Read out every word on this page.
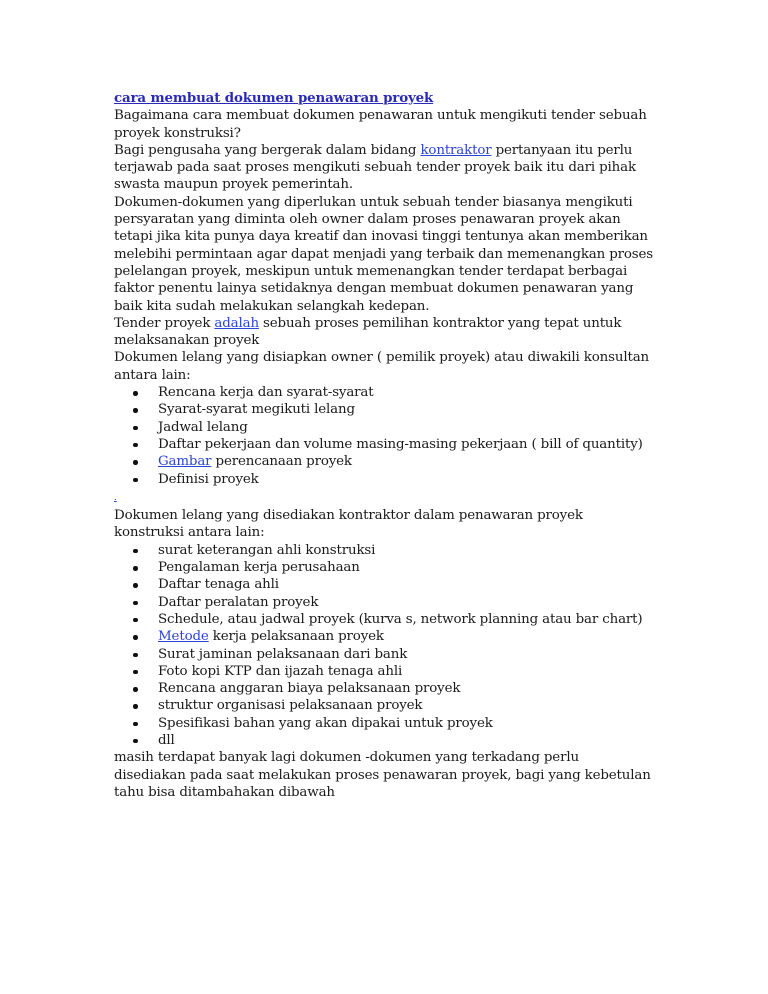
cara membuat dokumen penawaran proyek

Bagaimana cara membuat dokumen penawaran untuk mengikuti tender sebuah proyek konstruksi?

Bagi pengusaha yang bergerak dalam bidang kontraktor pertanyaan itu perlu terjawab pada saat proses mengikuti sebuah tender proyek baik itu dari pihak swasta maupun proyek pemerintah.

Dokumen-dokumen yang diperlukan untuk sebuah tender biasanya mengikuti persyaratan yang diminta oleh owner dalam proses penawaran proyek akan tetapi jika kita punya daya kreatif dan inovasi tinggi tentunya akan memberikan melebihi permintaan agar dapat menjadi yang terbaik dan memenangkan proses pelelangan proyek, meskipun untuk memenangkan tender terdapat berbagai faktor penentu lainya setidaknya dengan membuat dokumen penawaran yang baik kita sudah melakukan selangkah kedepan.

Tender proyek adalah sebuah proses pemilihan kontraktor yang tepat untuk melaksanakan proyek

Dokumen lelang yang disiapkan owner ( pemilik proyek) atau diwakili konsultan antara lain:

Rencana kerja dan syarat-syarat
Syarat-syarat megikuti lelang
Jadwal lelang
Daftar pekerjaan dan volume masing-masing pekerjaan ( bill of quantity)
Gambar perencanaan proyek
Definisi proyek
.

Dokumen lelang yang disediakan kontraktor dalam penawaran proyek konstruksi antara lain:

surat keterangan ahli konstruksi
Pengalaman kerja perusahaan
Daftar tenaga ahli
Daftar peralatan proyek
Schedule, atau jadwal proyek (kurva s, network planning atau bar chart)
Metode kerja pelaksanaan proyek
Surat jaminan pelaksanaan dari bank
Foto kopi KTP dan ijazah tenaga ahli
Rencana anggaran biaya pelaksanaan proyek
struktur organisasi pelaksanaan proyek
Spesifikasi bahan yang akan dipakai untuk proyek
dll

masih terdapat banyak lagi dokumen -dokumen yang terkadang perlu disediakan pada saat melakukan proses penawaran proyek, bagi yang kebetulan tahu bisa ditambahakan dibawah
